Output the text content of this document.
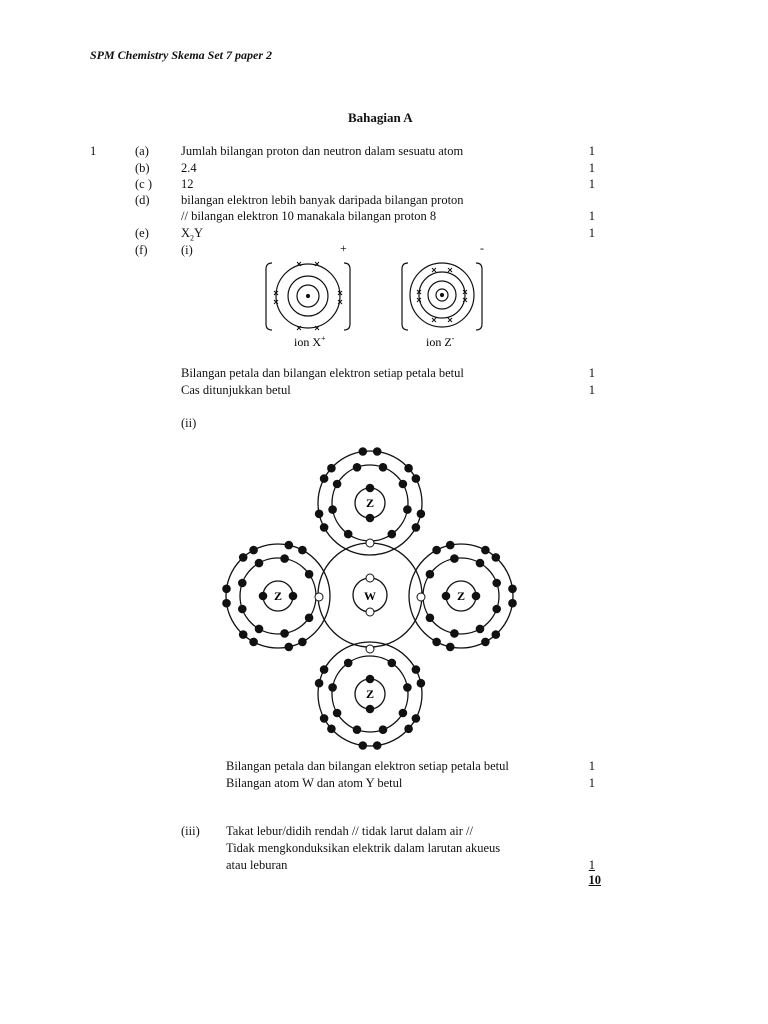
SPM Chemistry Skema Set 7 paper 2
Bahagian A
1	(a)	Jumlah bilangan proton dan neutron dalam sesuatu atom	1
(b)	2.4	1
(c ) 12	1
(d)	bilangan elektron lebih banyak daripada bilangan proton
// bilangan elektron 10 manakala bilangan proton 8	1
(e)	$X_2Y$	1
(f)	(i)	+	-
ion X+	ion Z-
Bilangan petala dan bilangan elektron setiap petala betul	1
Cas ditunjukkan betul	1
(ii)
W
Z
Z	Z
Z
Bilangan petala dan bilangan elektron setiap petala betul	1
Bilangan atom W dan atom Y betul	1
(iii) Takat lebur/didih rendah // tidak larut dalam air //
Tidak mengkonduksikan elektrik dalam larutan akueus
atau leburan	1
10
